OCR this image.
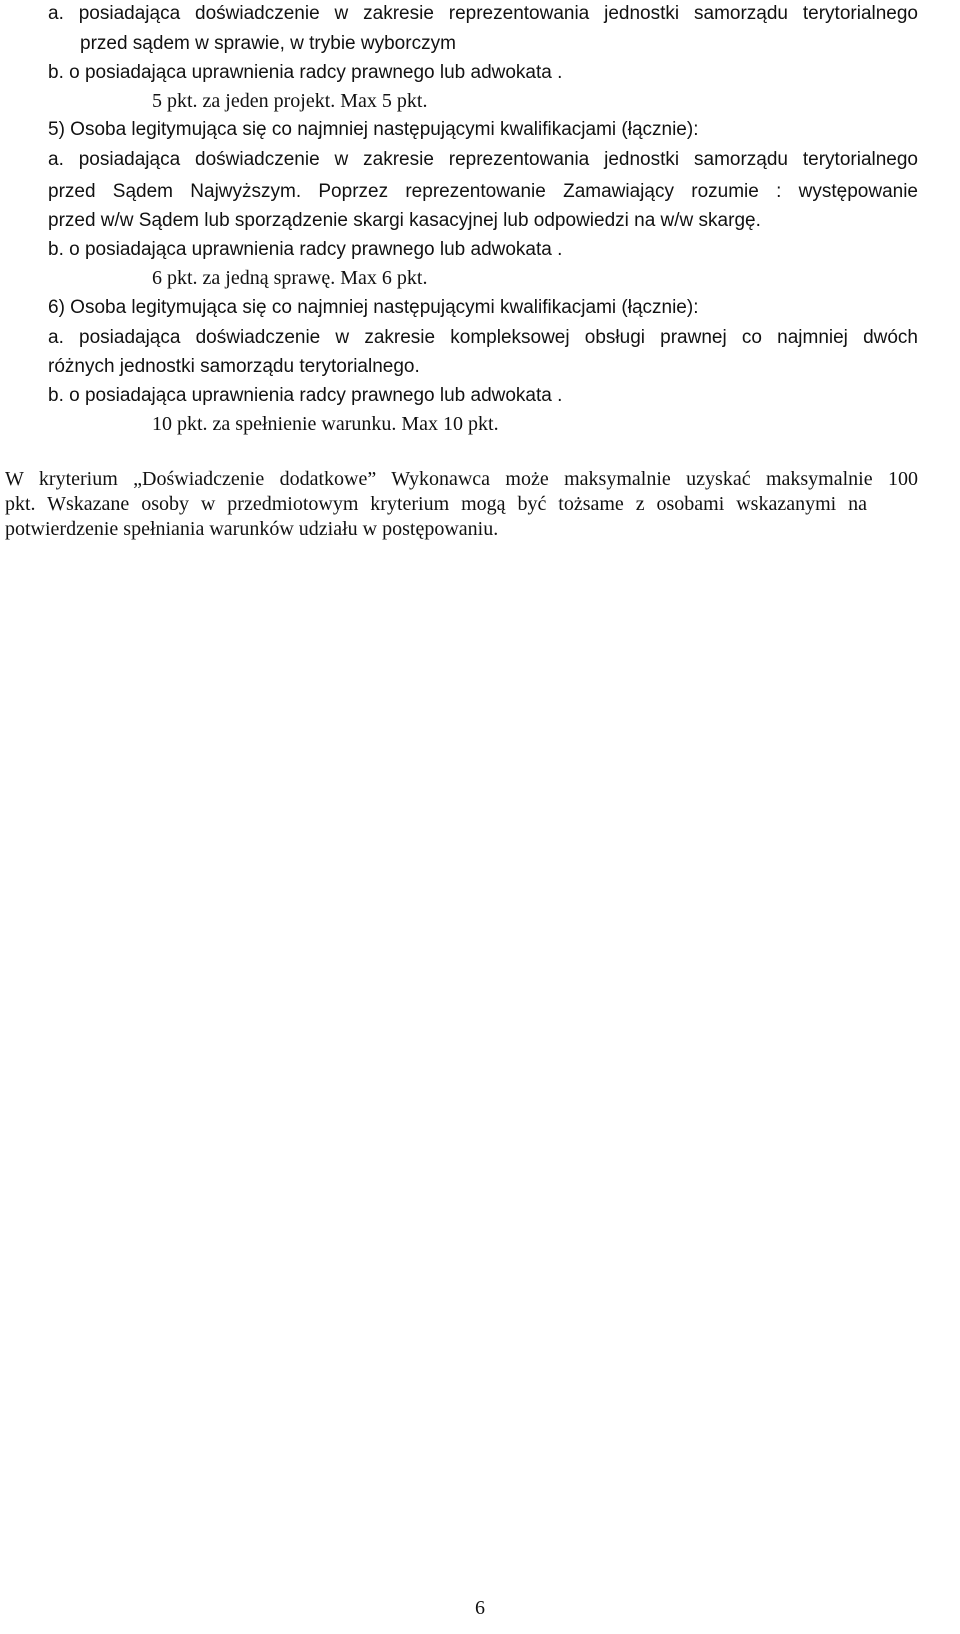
a. posiadająca doświadczenie w zakresie reprezentowania jednostki samorządu terytorialnego

przed sądem w sprawie, w trybie wyborczym

b. o posiadająca uprawnienia radcy prawnego lub adwokata .

5 pkt. za jeden projekt. Max 5 pkt.

5) Osoba legitymująca się co najmniej następującymi kwalifikacjami (łącznie):

a. posiadająca doświadczenie w zakresie reprezentowania jednostki samorządu terytorialnego

przed Sądem Najwyższym. Poprzez reprezentowanie Zamawiający rozumie : występowanie

przed w/w Sądem lub sporządzenie skargi kasacyjnej lub odpowiedzi na w/w skargę.

b. o posiadająca uprawnienia radcy prawnego lub adwokata .

6 pkt. za jedną sprawę. Max 6 pkt.

6) Osoba legitymująca się co najmniej następującymi kwalifikacjami (łącznie):

a. posiadająca doświadczenie w zakresie kompleksowej obsługi prawnej co najmniej dwóch

różnych jednostki samorządu terytorialnego.

b. o posiadająca uprawnienia radcy prawnego lub adwokata .

10 pkt. za spełnienie warunku. Max 10 pkt.

W kryterium „Doświadczenie dodatkowe” Wykonawca może maksymalnie uzyskać maksymalnie 100

pkt. Wskazane osoby w przedmiotowym kryterium mogą być tożsame z osobami wskazanymi na

potwierdzenie spełniania warunków udziału w postępowaniu.

6
